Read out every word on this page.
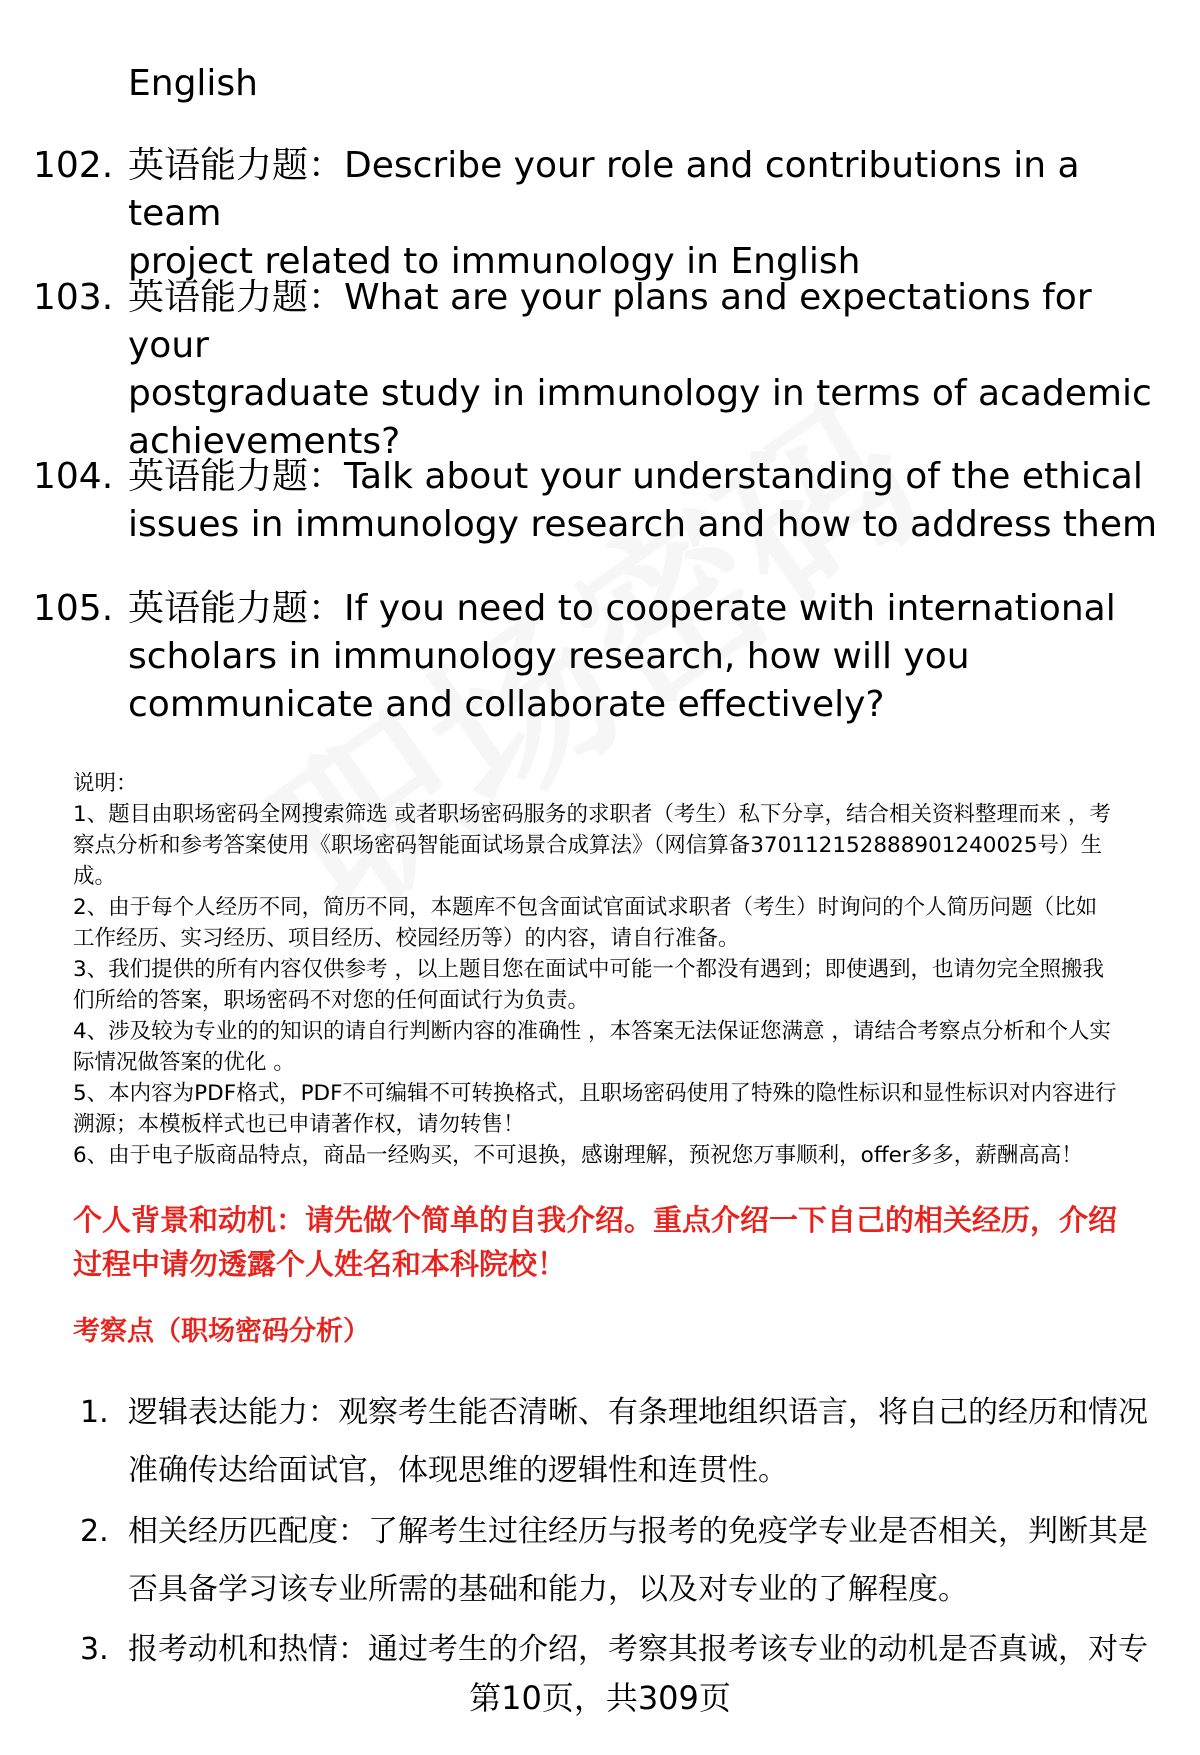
English
102. 英语能力题：Describe your role and contributions in a team
project related to immunology in English
103. 英语能力题：What are your plans and expectations for your
postgraduate study in immunology in terms of academic
achievements?
104. 英语能力题：Talk about your understanding of the ethical
issues in immunology research and how to address them
105. 英语能力题：If you need to cooperate with international
scholars in immunology research, how will you
communicate and collaborate effectively?
说明：
1、题目由职场密码全网搜索筛选 或者职场密码服务的求职者（考生）私下分享，结合相关资料整理而来 ，考
察点分析和参考答案使用《职场密码智能面试场景合成算法》（网信算备370112152888901240025号）生
成。
2、由于每个人经历不同，简历不同，本题库不包含面试官面试求职者（考生）时询问的个人简历问题（比如
工作经历、实习经历、项目经历、校园经历等）的内容，请自行准备。
3、我们提供的所有内容仅供参考 ，以上题目您在面试中可能一个都没有遇到；即使遇到，也请勿完全照搬我
们所给的答案，职场密码不对您的任何面试行为负责。
4、涉及较为专业的的知识的请自行判断内容的准确性 ，本答案无法保证您满意 ，请结合考察点分析和个人实
际情况做答案的优化 。
5、本内容为PDF格式，PDF不可编辑不可转换格式，且职场密码使用了特殊的隐性标识和显性标识对内容进行
溯源；本模板样式也已申请著作权，请勿转售！
6、由于电子版商品特点，商品一经购买，不可退换，感谢理解，预祝您万事顺利，offer多多，薪酬高高！
个人背景和动机：请先做个简单的自我介绍。重点介绍一下自己的相关经历，介绍
过程中请勿透露个人姓名和本科院校！
考察点（职场密码分析）
1. 逻辑表达能力：观察考生能否清晰、有条理地组织语言，将自己的经历和情况
准确传达给面试官，体现思维的逻辑性和连贯性。
2. 相关经历匹配度：了解考生过往经历与报考的免疫学专业是否相关，判断其是
否具备学习该专业所需的基础和能力，以及对专业的了解程度。
3. 报考动机和热情：通过考生的介绍，考察其报考该专业的动机是否真诚，对专
第10页，共309页
